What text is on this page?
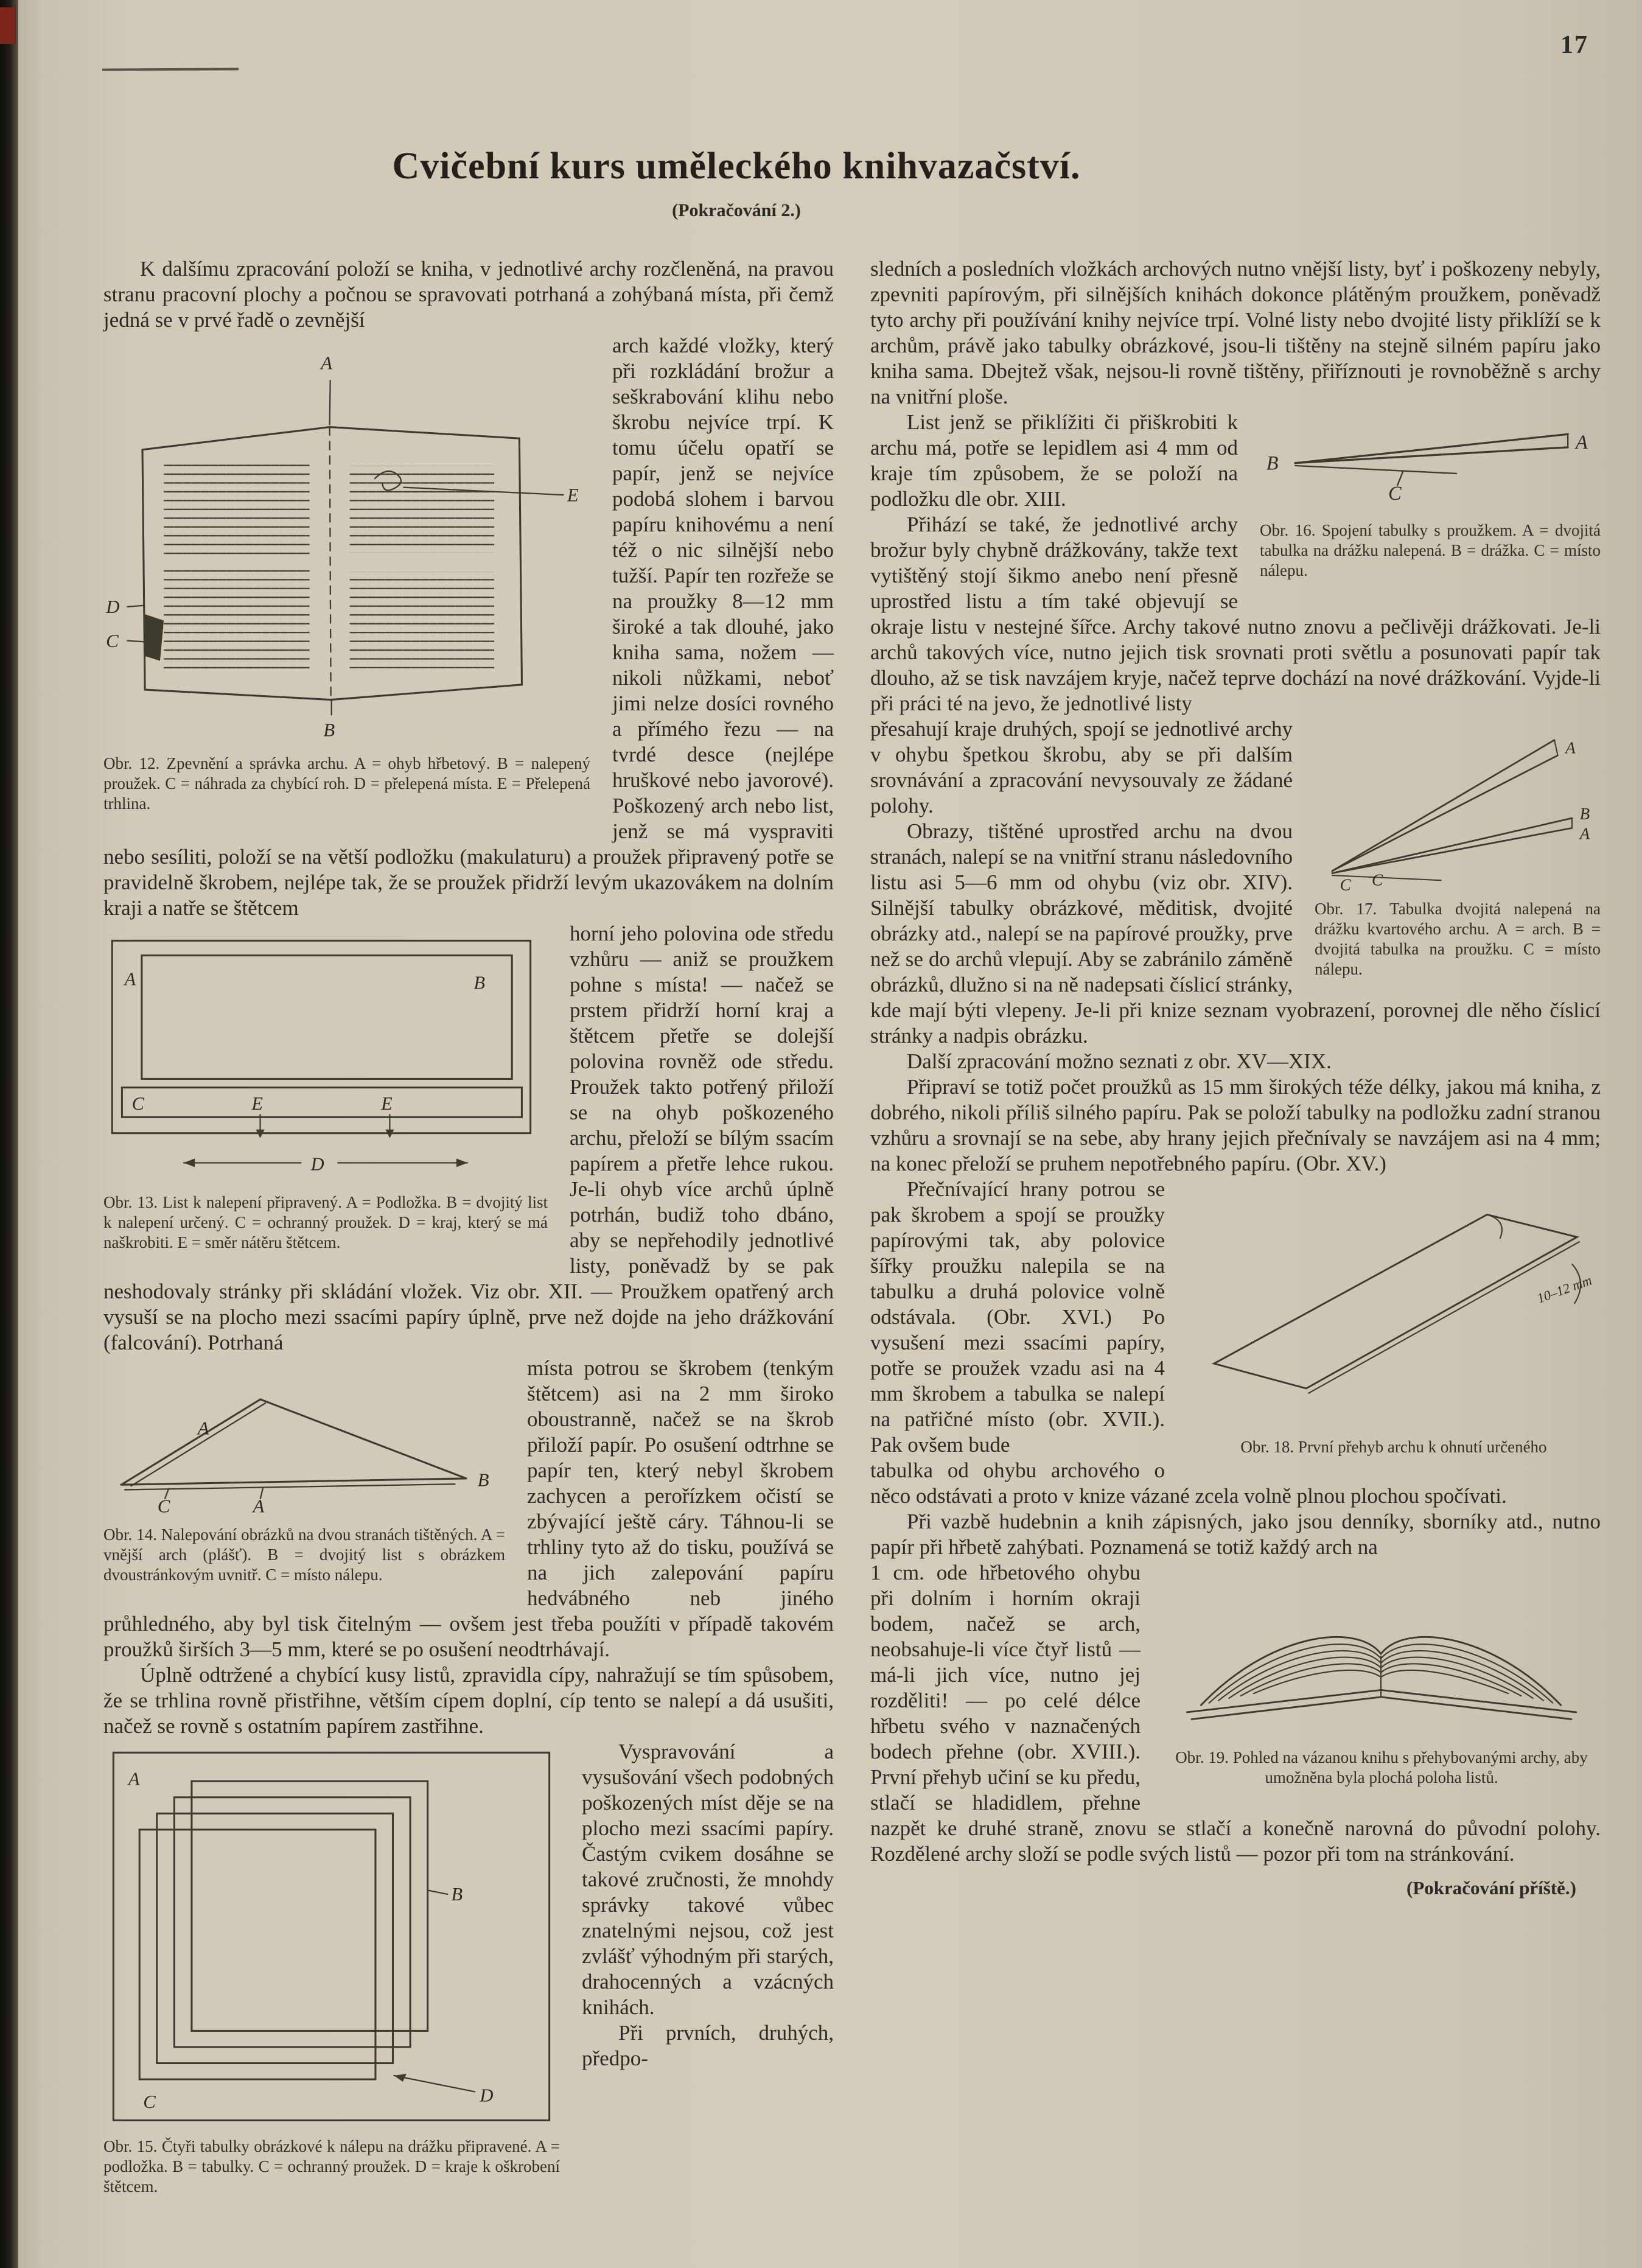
17
Cvičební kurs uměleckého knihvazačství.
(Pokračování 2.)

K dalšímu zpracování položí se kniha, v jednotlivé archy rozčleněná, na pravou stranu pracovní plochy a počnou se spravovati potrhaná a zohýbaná místa, při čemž jedná se v prvé řadě o zevnější

A
B
D
C
E
Obr. 12. Zpevnění a správka archu. A = ohyb hřbetový. B = nalepený proužek. C = náhrada za chybící roh. D = přelepená místa. E = Přelepená trhlina.

arch každé vložky, který při rozkládání brožur a seškrabování klihu nebo škrobu nejvíce trpí. K tomu účelu opatří se papír, jenž se nejvíce podobá slohem i barvou papíru knihovému a není též o nic silnější nebo tužší. Papír ten rozřeže se na proužky 8—12 mm široké a tak dlouhé, jako kniha sama, nožem — nikoli nůžkami, neboť jimi nelze dosíci rovného a přímého řezu — na tvrdé desce (nejlépe hruškové nebo javorové). Poškozený arch nebo list, jenž se má vyspraviti nebo sesíliti, položí se na větší podložku (makulaturu) a proužek připravený potře se pravidelně škrobem, nejlépe tak, že se proužek přidrží levým ukazovákem na dolním kraji a natře se štětcem

A	B
C	E	E
D
Obr. 13. List k nalepení připravený. A = Podložka. B = dvojitý list k nalepení určený. C = ochranný proužek. D = kraj, který se má naškrobiti. E = směr nátěru štětcem.

horní jeho polovina ode středu vzhůru — aniž se proužkem pohne s místa! — načež se prstem přidrží horní kraj a štětcem přetře se dolejší polovina rovněž ode středu. Proužek takto potřený přiloží se na ohyb poškozeného archu, přeloží se bílým ssacím papírem a přetře lehce rukou. Je-li ohyb více archů úplně potrhán, budiž toho dbáno, aby se nepřehodily jednotlivé listy, poněvadž by se pak neshodovaly stránky při skládání vložek. Viz obr. XII. — Proužkem opatřený arch vysuší se na plocho mezi ssacími papíry úplně, prve než dojde na jeho drážkování (falcování). Potrhaná

A
C	A
B
Obr. 14. Nalepování obrázků na dvou stranách tištěných. A = vnější arch (plášť). B = dvojitý list s obrázkem dvoustránkovým uvnitř. C = místo nálepu.

místa potrou se škrobem (tenkým štětcem) asi na 2 mm široko oboustranně, načež se na škrob přiloží papír. Po osušení odtrhne se papír ten, který nebyl škrobem zachycen a perořízkem očistí se zbývající ještě cáry. Táhnou-li se trhliny tyto až do tisku, používá se na jich zalepování papíru hedvábného neb jiného průhledného, aby byl tisk čitelným — ovšem jest třeba použíti v případě takovém proužků širších 3—5 mm, které se po osušení neodtrhávají.

Úplně odtržené a chybící kusy listů, zpravidla cípy, nahražují se tím spůsobem, že se trhlina rovně přistřihne, větším cípem doplní, cíp tento se nalepí a dá usušiti, načež se rovně s ostatním papírem zastřihne.

A
B
C	D
Obr. 15. Čtyři tabulky obrázkové k nálepu na drážku připravené. A = podložka. B = tabulky. C = ochranný proužek. D = kraje k oškrobení štětcem.

Vyspravování a vysušování všech podobných poškozených míst děje se na plocho mezi ssacími papíry. Častým cvikem dosáhne se takové zručnosti, že mnohdy správky takové vůbec znatelnými nejsou, což jest zvlášť výhodným při starých, drahocenných a vzácných knihách.

Při prvních, druhých, předpo-

sledních a posledních vložkách archových nutno vnější listy, byť i poškozeny nebyly, zpevniti papírovým, při silnějších knihách dokonce plátěným proužkem, poněvadž tyto archy při používání knihy nejvíce trpí. Volné listy nebo dvojité listy přiklíží se k archům, právě jako tabulky obrázkové, jsou-li tištěny na stejně silném papíru jako kniha sama. Dbejtež však, nejsou-li rovně tištěny, přiříznouti je rovnoběžně s archy na vnitřní ploše.

B
C
A
Obr. 16. Spojení tabulky s proužkem. A = dvojitá tabulka na drážku nalepená. B = drážka. C = místo nálepu.

List jenž se přiklížiti či přiškrobiti k archu má, potře se lepidlem asi 4 mm od kraje tím způsobem, že se položí na podložku dle obr. XIII.

Přihází se také, že jednotlivé archy brožur byly chybně drážkovány, takže text vytištěný stojí šikmo anebo není přesně uprostřed listu a tím také objevují se okraje listu v nestejné šířce. Archy takové nutno znovu a pečlivěji drážkovati. Je-li archů takových více, nutno jejich tisk srovnati proti světlu a posunovati papír tak dlouho, až se tisk navzájem kryje, načež teprve dochází na nové drážkování. Vyjde-li při práci té na jevo, že jednotlivé listy

A
B
A
C C
Obr. 17. Tabulka dvojitá nalepená na drážku kvartového archu. A = arch. B = dvojitá tabulka na proužku. C = místo nálepu.

přesahují kraje druhých, spojí se jednotlivé archy v ohybu špetkou škrobu, aby se při dalším srovnávání a zpracování nevysouvaly ze žádané polohy.

Obrazy, tištěné uprostřed archu na dvou stranách, nalepí se na vnitřní stranu následovního listu asi 5—6 mm od ohybu (viz obr. XIV). Silnější tabulky obrázkové, měditisk, dvojité obrázky atd., nalepí se na papírové proužky, prve než se do archů vlepují. Aby se zabránilo záměně obrázků, dlužno si na ně nadepsati číslicí stránky, kde mají býti vlepeny. Je-li při knize seznam vyobrazení, porovnej dle něho číslicí stránky a nadpis obrázku.

Další zpracování možno seznati z obr. XV—XIX.

Připraví se totiž počet proužků as 15 mm širokých téže délky, jakou má kniha, z dobrého, nikoli příliš silného papíru. Pak se položí tabulky na podložku zadní stranou vzhůru a srovnají se na sebe, aby hrany jejich přečnívaly se navzájem asi na 4 mm; na konec přeloží se pruhem nepotřebného papíru. (Obr. XV.)

10–12 mm
Obr. 18. První přehyb archu k ohnutí určeného

Přečnívající hrany potrou se pak škrobem a spojí se proužky papírovými tak, aby polovice šířky proužku nalepila se na tabulku a druhá polovice volně odstávala. (Obr. XVI.) Po vysušení mezi ssacími papíry, potře se proužek vzadu asi na 4 mm škrobem a tabulka se nalepí na patřičné místo (obr. XVII.). Pak ovšem bude

tabulka od ohybu archového o něco odstávati a proto v knize vázané zcela volně plnou plochou spočívati.

Při vazbě hudebnin a knih zápisných, jako jsou denníky, sborníky atd., nutno papír při hřbetě zahýbati. Poznamená se totiž každý arch na

Obr. 19. Pohled na vázanou knihu s přehybovanými archy, aby umožněna byla plochá poloha listů.

1 cm. ode hřbetového ohybu při dolním i horním okraji bodem, načež se arch, neobsahuje-li více čtyř listů — má-li jich více, nutno jej rozděliti! — po celé délce hřbetu svého v naznačených bodech přehne (obr. XVIII.). První přehyb učiní se ku předu, stlačí se hladidlem, přehne nazpět ke druhé straně, znovu se stlačí a konečně narovná do původní polohy. Rozdělené archy složí se podle svých listů — pozor při tom na stránkování.

(Pokračování příště.)
